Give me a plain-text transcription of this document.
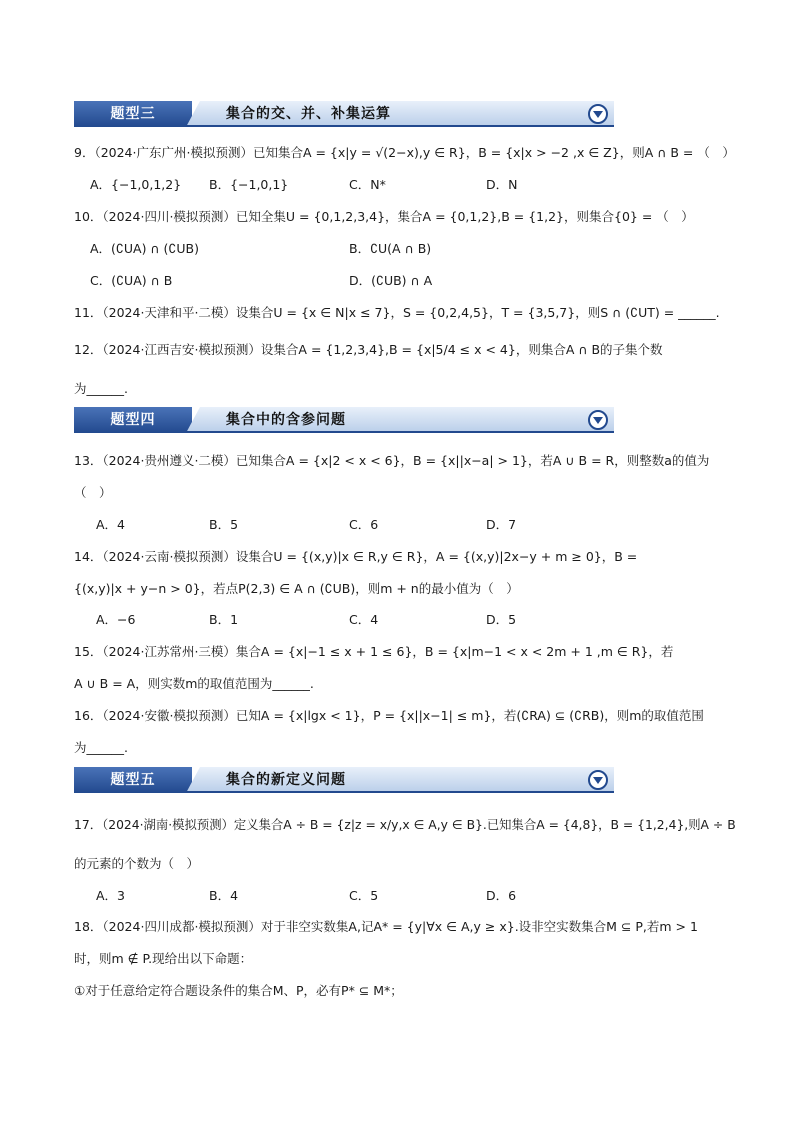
题型三	集合的交、并、补集运算
9．（2024·广东广州·模拟预测）已知集合A = {x|y = √(2−x),y ∈ R}，B = {x|x > −2 ,x ∈ Z}，则A ∩ B = （　）
A．{−1,0,1,2} B．{−1,0,1}	C．N*	D．N
10．（2024·四川·模拟预测）已知全集U = {0,1,2,3,4}，集合A = {0,1,2},B = {1,2}，则集合{0} = （　）
A．(∁UA) ∩ (∁UB)	B．∁U(A ∩ B)
C．(∁UA) ∩ B	D．(∁UB) ∩ A
11．（2024·天津和平·二模）设集合U = {x ∈ N|x ≤ 7}，S = {0,2,4,5}，T = {3,5,7}，则S ∩ (∁UT) = ______.
12．（2024·江西吉安·模拟预测）设集合A = {1,2,3,4},B = {x|5/4 ≤ x < 4}，则集合A ∩ B的子集个数
为______.
题型四	集合中的含参问题
13．（2024·贵州遵义·二模）已知集合A = {x|2 < x < 6}，B = {x||x−a| > 1}，若A ∪ B = R，则整数a的值为
（　）
A．4	B．5	C．6	D．7
14．（2024·云南·模拟预测）设集合U = {(x,y)|x ∈ R,y ∈ R}，A = {(x,y)|2x−y + m ≥ 0}，B =
{(x,y)|x + y−n > 0}，若点P(2,3) ∈ A ∩ (∁UB)，则m + n的最小值为（　）
A．−6	B．1	C．4	D．5
15．（2024·江苏常州·三模）集合A = {x|−1 ≤ x + 1 ≤ 6}，B = {x|m−1 < x < 2m + 1 ,m ∈ R}，若
A ∪ B = A，则实数m的取值范围为______.
16．（2024·安徽·模拟预测）已知A = {x|lgx < 1}，P = {x||x−1| ≤ m}，若(∁RA) ⊆ (∁RB)，则m的取值范围
为______.
题型五	集合的新定义问题
17．（2024·湖南·模拟预测）定义集合A ÷ B = {z|z = x/y,x ∈ A,y ∈ B}.已知集合A = {4,8}，B = {1,2,4},则A ÷ B
的元素的个数为（　）
A．3	B．4	C．5	D．6
18．（2024·四川成都·模拟预测）对于非空实数集A,记A* = {y|∀x ∈ A,y ≥ x}.设非空实数集合M ⊆ P,若m > 1
时，则m ∉ P.现给出以下命题：
①对于任意给定符合题设条件的集合M、P，必有P* ⊆ M*；
